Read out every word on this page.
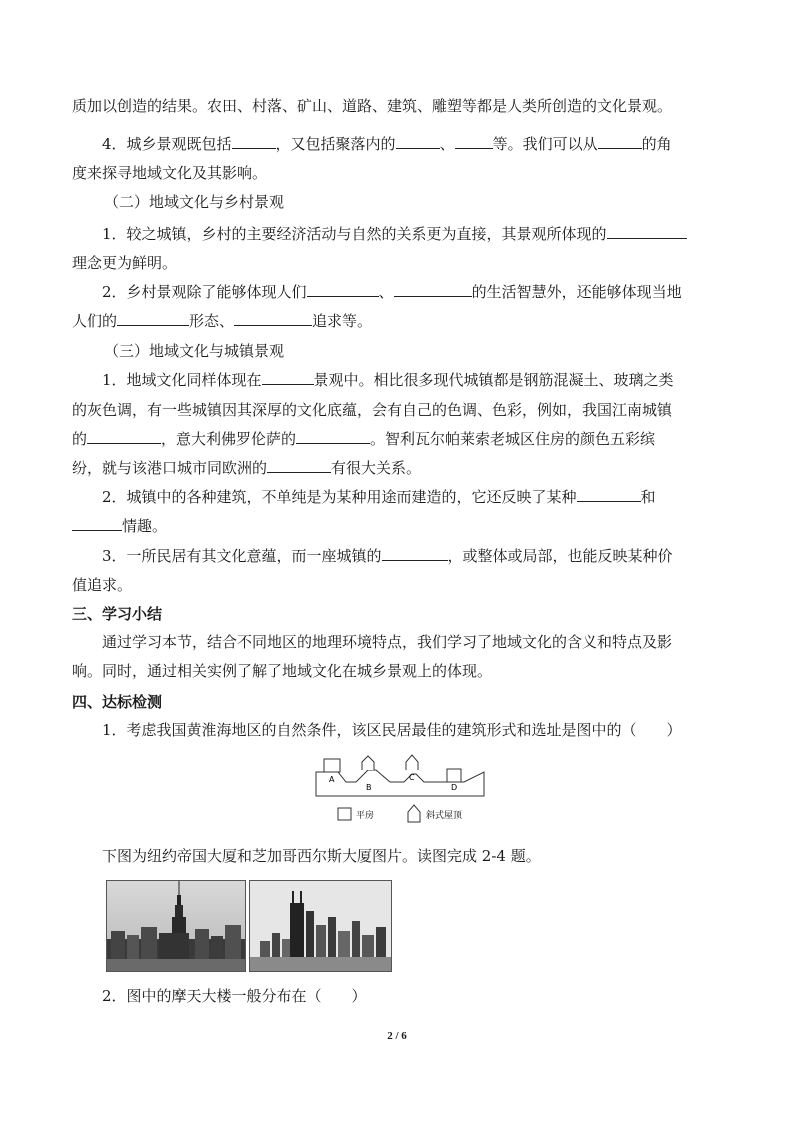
质加以创造的结果。农田、村落、矿山、道路、建筑、雕塑等都是人类所创造的文化景观。
4．城乡景观既包括	，又包括聚落内的	、	等。我们可以从	的角
度来探寻地域文化及其影响。
（二）地域文化与乡村景观
1．较之城镇，乡村的主要经济活动与自然的关系更为直接，其景观所体现的
理念更为鲜明。
2．乡村景观除了能够体现人们	、	的生活智慧外，还能够体现当地
人们的	形态、	追求等。
（三）地域文化与城镇景观
1．地域文化同样体现在	景观中。相比很多现代城镇都是钢筋混凝土、玻璃之类
的灰色调，有一些城镇因其深厚的文化底蕴，会有自己的色调、色彩，例如，我国江南城镇
的	，意大利佛罗伦萨的	。智利瓦尔帕莱索老城区住房的颜色五彩缤
纷，就与该港口城市同欧洲的	有很大关系。
2．城镇中的各种建筑，不单纯是为某种用途而建造的，它还反映了某种	和
情趣。
3．一所民居有其文化意蕴，而一座城镇的	，或整体或局部，也能反映某种价
值追求。
三、学习小结
通过学习本节，结合不同地区的地理环境特点，我们学习了地域文化的含义和特点及影
响。同时，通过相关实例了解了地域文化在城乡景观上的体现。
四、达标检测
1．考虑我国黄淮海地区的自然条件，该区民居最佳的建筑形式和选址是图中的（　　）
A
B
C
D
平房	斜式屋顶
下图为纽约帝国大厦和芝加哥西尔斯大厦图片。读图完成 2-4 题。
2．图中的摩天大楼一般分布在（　　）
2 / 6
